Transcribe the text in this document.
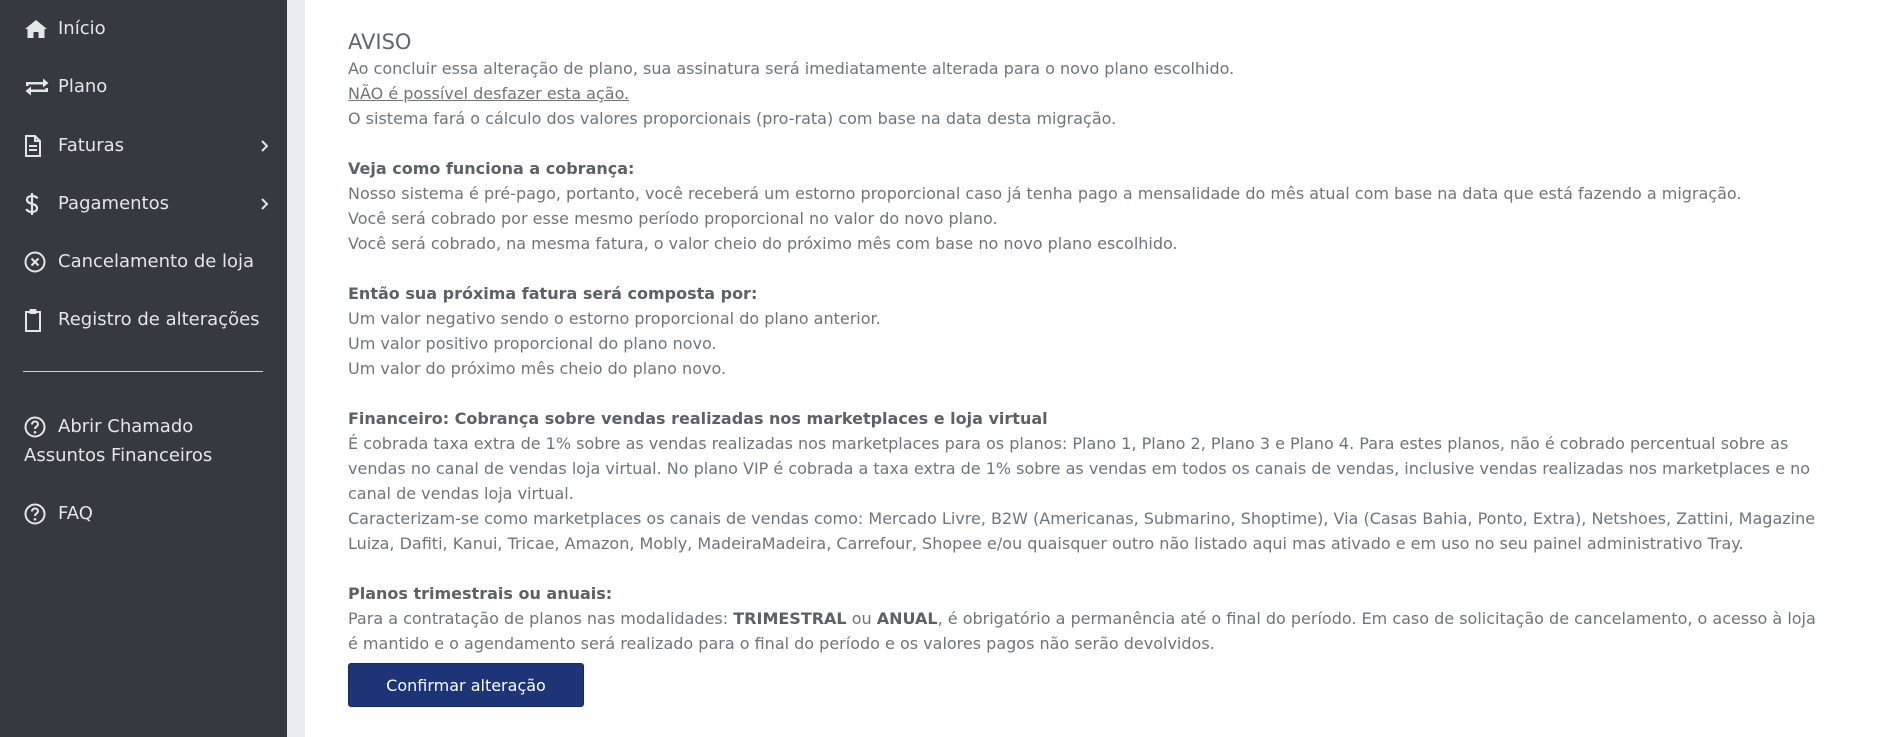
Início
Plano
Faturas
Pagamentos
Cancelamento de loja
Registro de alterações
Abrir Chamado Assuntos Financeiros
FAQ
AVISO
Ao concluir essa alteração de plano, sua assinatura será imediatamente alterada para o novo plano escolhido.
NÃO é possível desfazer esta ação.
O sistema fará o cálculo dos valores proporcionais (pro-rata) com base na data desta migração.
Veja como funciona a cobrança:
Nosso sistema é pré-pago, portanto, você receberá um estorno proporcional caso já tenha pago a mensalidade do mês atual com base na data que está fazendo a migração.
Você será cobrado por esse mesmo período proporcional no valor do novo plano.
Você será cobrado, na mesma fatura, o valor cheio do próximo mês com base no novo plano escolhido.
Então sua próxima fatura será composta por:
Um valor negativo sendo o estorno proporcional do plano anterior.
Um valor positivo proporcional do plano novo.
Um valor do próximo mês cheio do plano novo.
Financeiro: Cobrança sobre vendas realizadas nos marketplaces e loja virtual
É cobrada taxa extra de 1% sobre as vendas realizadas nos marketplaces para os planos: Plano 1, Plano 2, Plano 3 e Plano 4. Para estes planos, não é cobrado percentual sobre as vendas no canal de vendas loja virtual. No plano VIP é cobrada a taxa extra de 1% sobre as vendas em todos os canais de vendas, inclusive vendas realizadas nos marketplaces e no canal de vendas loja virtual.
Caracterizam-se como marketplaces os canais de vendas como: Mercado Livre, B2W (Americanas, Submarino, Shoptime), Via (Casas Bahia, Ponto, Extra), Netshoes, Zattini, Magazine Luiza, Dafiti, Kanui, Tricae, Amazon, Mobly, MadeiraMadeira, Carrefour, Shopee e/ou quaisquer outro não listado aqui mas ativado e em uso no seu painel administrativo Tray.
Planos trimestrais ou anuais:
Para a contratação de planos nas modalidades: TRIMESTRAL ou ANUAL, é obrigatório a permanência até o final do período. Em caso de solicitação de cancelamento, o acesso à loja é mantido e o agendamento será realizado para o final do período e os valores pagos não serão devolvidos.
Confirmar alteração
